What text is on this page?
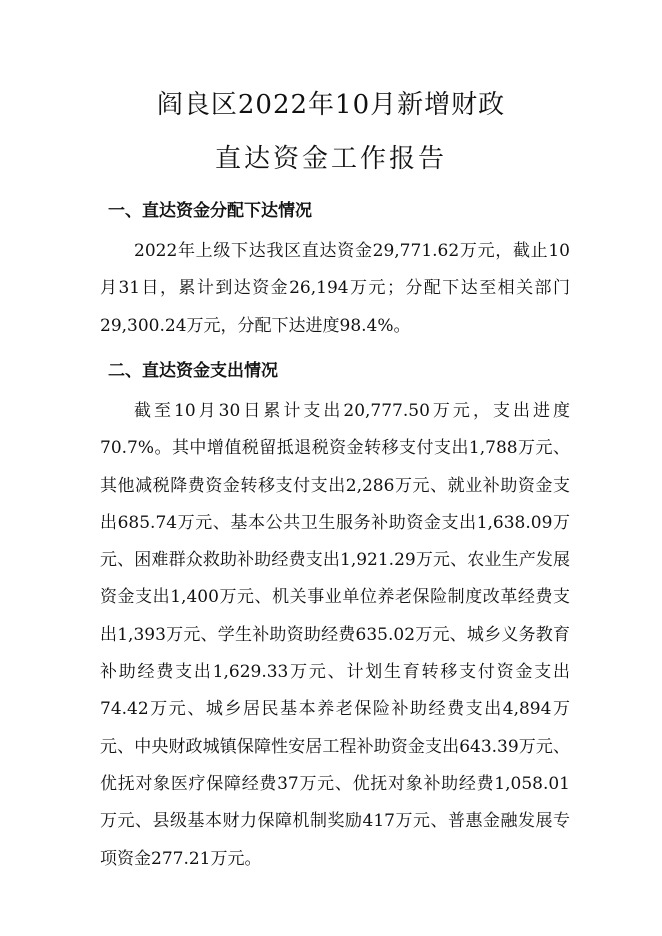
阎良区2022年10月新增财政
直达资金工作报告
一、直达资金分配下达情况
2022年上级下达我区直达资金29,771.62万元，截止10月31日，累计到达资金26,194万元；分配下达至相关部门29,300.24万元，分配下达进度98.4%。
二、直达资金支出情况
截至10月30日累计支出20,777.50万元，支出进度70.7%。其中增值税留抵退税资金转移支付支出1,788万元、其他减税降费资金转移支付支出2,286万元、就业补助资金支出685.74万元、基本公共卫生服务补助资金支出1,638.09万元、困难群众救助补助经费支出1,921.29万元、农业生产发展资金支出1,400万元、机关事业单位养老保险制度改革经费支出1,393万元、学生补助资助经费635.02万元、城乡义务教育补助经费支出1,629.33万元、计划生育转移支付资金支出74.42万元、城乡居民基本养老保险补助经费支出4,894万元、中央财政城镇保障性安居工程补助资金支出643.39万元、优抚对象医疗保障经费37万元、优抚对象补助经费1,058.01万元、县级基本财力保障机制奖励417万元、普惠金融发展专项资金277.21万元。
